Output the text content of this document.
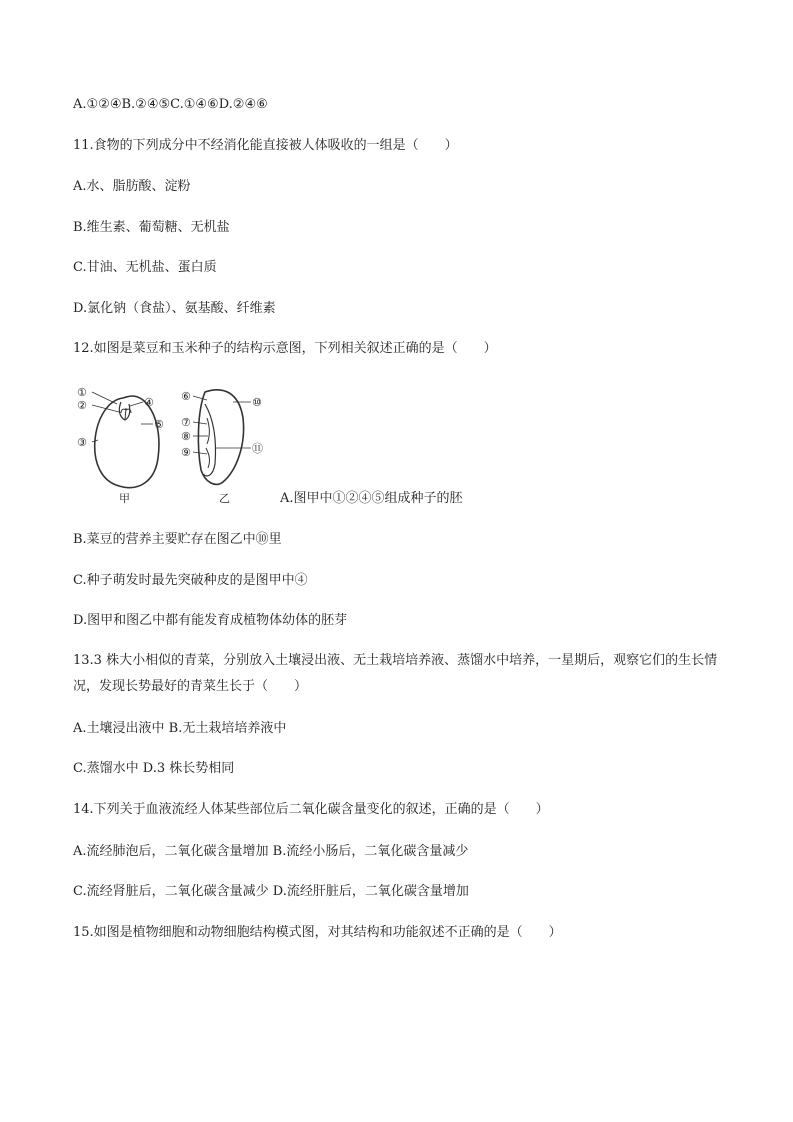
A.①②④B.②④⑤C.①④⑥D.②④⑥
11.食物的下列成分中不经消化能直接被人体吸收的一组是（　　）
A.水、脂肪酸、淀粉
B.维生素、葡萄糖、无机盐
C.甘油、无机盐、蛋白质
D.氯化钠（食盐）、氨基酸、纤维素
12.如图是菜豆和玉米种子的结构示意图，下列相关叙述正确的是（　　）
①
②
③
④
⑤
甲
⑥
⑦
⑧
⑨
⑩
⑪
乙	A.图甲中①②④⑤组成种子的胚
B.菜豆的营养主要贮存在图乙中⑩里
C.种子萌发时最先突破种皮的是图甲中④
D.图甲和图乙中都有能发育成植物体幼体的胚芽
13.3 株大小相似的青菜，分别放入土壤浸出液、无土栽培培养液、蒸馏水中培养，一星期后，观察它们的生长情况，发现长势最好的青菜生长于（　　）
A.土壤浸出液中 B.无土栽培培养液中
C.蒸馏水中 D.3 株长势相同
14.下列关于血液流经人体某些部位后二氧化碳含量变化的叙述，正确的是（　　）
A.流经肺泡后，二氧化碳含量增加 B.流经小肠后，二氧化碳含量减少
C.流经肾脏后，二氧化碳含量减少 D.流经肝脏后，二氧化碳含量增加
15.如图是植物细胞和动物细胞结构模式图，对其结构和功能叙述不正确的是（　　）
